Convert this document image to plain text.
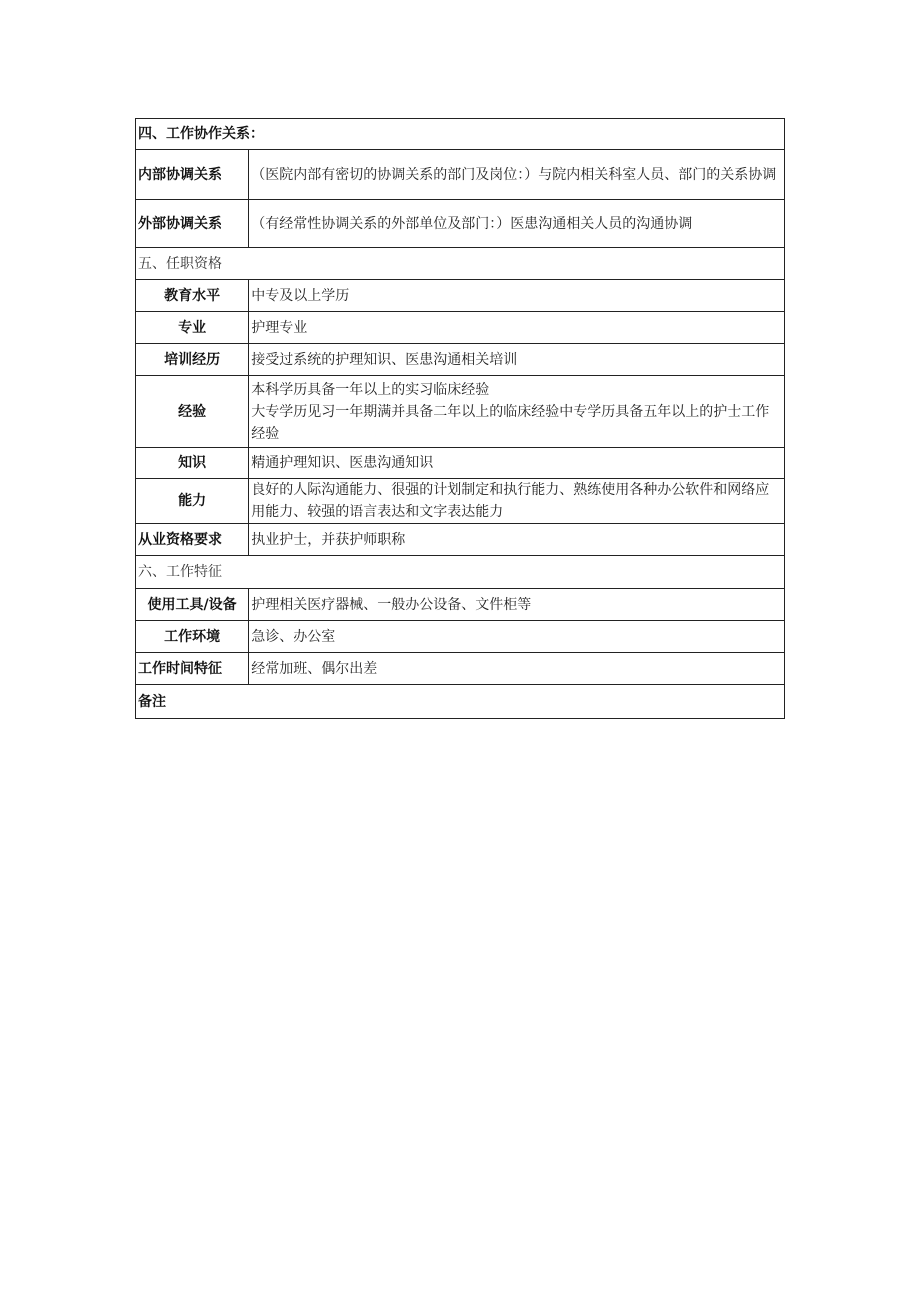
四、工作协作关系：	
内部协调关系	（医院内部有密切的协调关系的部门及岗位：）与院内相关科室人员、部门的关系协调
外部协调关系	（有经常性协调关系的外部单位及部门：）医患沟通相关人员的沟通协调
五、任职资格	
教育水平	中专及以上学历
专业	护理专业
培训经历	接受过系统的护理知识、医患沟通相关培训
经验	本科学历具备一年以上的实习临床经验
大专学历见习一年期满并具备二年以上的临床经验中专学历具备五年以上的护士工作经验

知识	精通护理知识、医患沟通知识
能力	良好的人际沟通能力、很强的计划制定和执行能力、熟练使用各种办公软件和网络应用能力、较强的语言表达和文字表达能力
从业资格要求	执业护士，并获护师职称
六、工作特征	
使用工具/设备	护理相关医疗器械、一般办公设备、文件柜等
工作环境	急诊、办公室
工作时间特征	经常加班、偶尔出差
备注	
